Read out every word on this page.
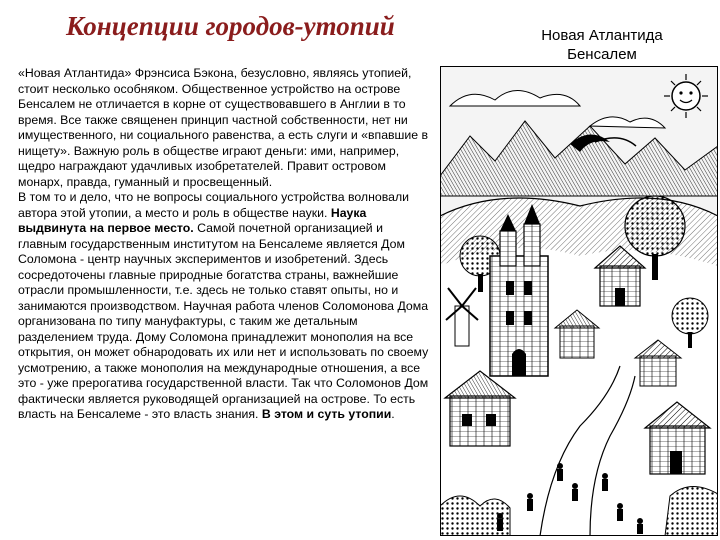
Концепции городов-утопий

«Новая Атлантида» Фрэнсиса Бэкона, безусловно, являясь утопией, стоит несколько особняком. Общественное устройство на острове Бенсалем не отличается в корне от существовавшего в Англии в то время. Все также священен принцип частной собственности, нет ни имущественного, ни социального равенства, а есть слуги и «впавшие в нищету». Важную роль в обществе играют деньги: ими, например, щедро награждают удачливых изобретателей. Правит островом монарх, правда, гуманный и просвещенный.

В том то и дело, что не вопросы социального устройства волновали автора этой утопии, а место и роль в обществе науки. Наука выдвинута на первое место. Самой почетной организацией и главным государственным институтом на Бенсалеме является Дом Соломона - центр научных экспериментов и изобретений. Здесь сосредоточены главные природные богатства страны, важнейшие отрасли промышленности, т.е. здесь не только ставят опыты, но и занимаются производством. Научная работа членов Соломонова Дома организована по типу мануфактуры, с таким же детальным разделением труда. Дому Соломона принадлежит монополия на все открытия, он может обнародовать их или нет и использовать по своему усмотрению, а также монополия на международные отношения, а все это - уже прерогатива государственной власти. Так что Соломонов Дом фактически является руководящей организацией на острове. То есть власть на Бенсалеме - это власть знания. В этом и суть утопии.

Новая Атлантида
Бенсалем
